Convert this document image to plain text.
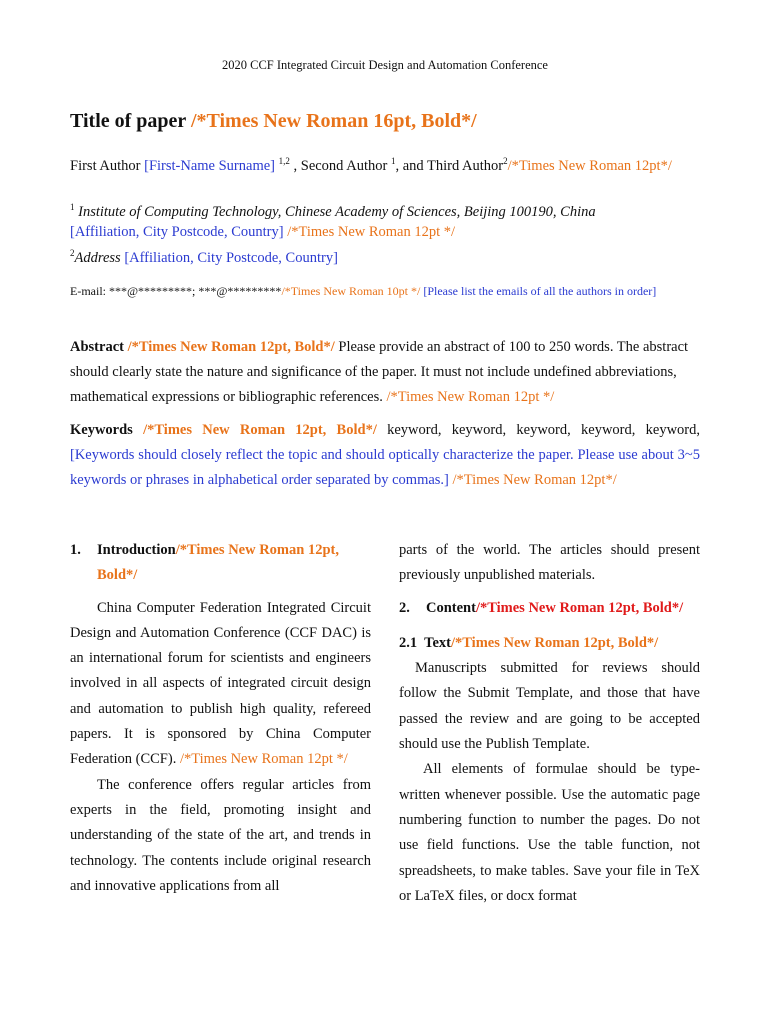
2020 CCF Integrated Circuit Design and Automation Conference
Title of paper /*Times New Roman 16pt, Bold*/
First Author [First-Name Surname] $^{1,2}$ , Second Author $^1$, and Third Author$^2$/*Times New Roman 12pt*/
$^1$ Institute of Computing Technology, Chinese Academy of Sciences, Beijing 100190, China
[Affiliation, City Postcode, Country] /*Times New Roman 12pt */
$^2$Address [Affiliation, City Postcode, Country]
E-mail: ***@*********; ***@*********/*Times New Roman 10pt */ [Please list the emails of all the authors in order]
Abstract /*Times New Roman 12pt, Bold*/ Please provide an abstract of 100 to 250 words. The abstract should clearly state the nature and significance of the paper. It must not include undefined abbreviations, mathematical expressions or bibliographic references. /*Times New Roman 12pt */
Keywords /*Times New Roman 12pt, Bold*/ keyword, keyword, keyword, keyword, keyword, [Keywords should closely reflect the topic and should optically characterize the paper. Please use about 3~5 keywords or phrases in alphabetical order separated by commas.] /*Times New Roman 12pt*/
1.	Introduction/*Times New Roman 12pt, Bold*/

China Computer Federation Integrated Circuit Design and Automation Conference (CCF DAC) is an international forum for scientists and engineers involved in all aspects of integrated circuit design and automation to publish high quality, refereed papers. It is sponsored by China Computer Federation (CCF). /*Times New Roman 12pt */

The conference offers regular articles from experts in the field, promoting insight and understanding of the state of the art, and trends in technology. The contents include original research and innovative applications from all

parts of the world. The articles should present previously unpublished materials.

2.	Content/*Times New Roman 12pt, Bold*/
2.1 Text/*Times New Roman 12pt, Bold*/

Manuscripts submitted for reviews should follow the Submit Template, and those that have passed the review and are going to be accepted should use the Publish Template.

All elements of formulae should be type-written whenever possible. Use the automatic page numbering function to number the pages. Do not use field functions. Use the table function, not spreadsheets, to make tables. Save your file in TeX or LaTeX files, or docx format
